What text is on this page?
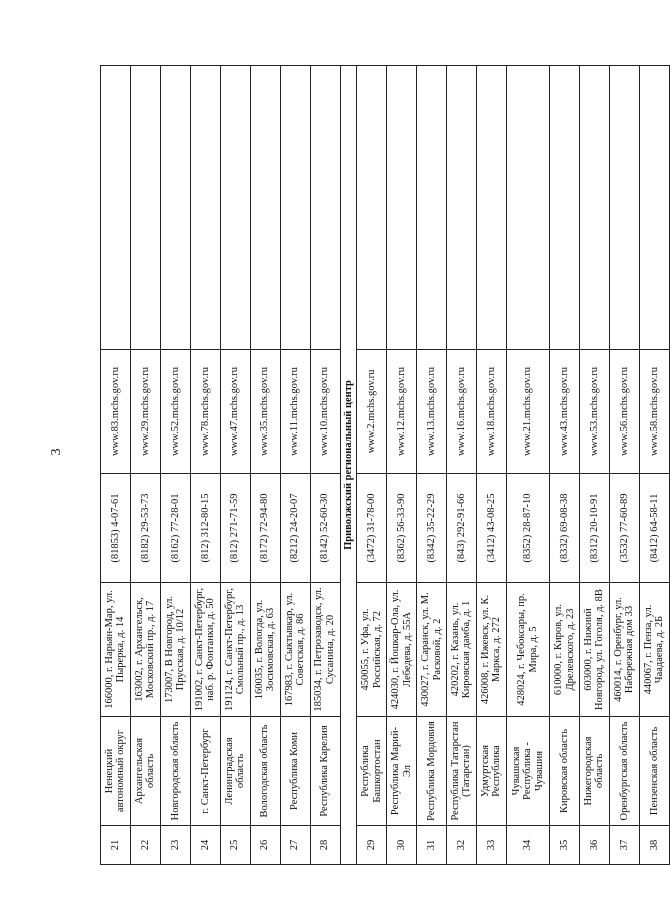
3
21	Ненецкий автономный округ	166000, г. Нарьян-Мар, ул. Пырерка, д. 14	(81853) 4-07-61	www.83.mchs.gov.ru	
22	Архангельская область	163002, г. Архангельск, Московский пр., д. 17	(8182) 29-53-73	www.29.mchs.gov.ru	
23	Новгородская область	173007, В Новгород, ул. Прусская, д. 10/12	(8162) 77-28-01	www.52.mchs.gov.ru	
24	г. Санкт-Петербург	191002, г. Санкт-Петербург, наб. р. Фонтанки, д. 50	(812) 312-80-15	www.78.mchs.gov.ru	
25	Ленинградская область	191124, г. Санкт-Петербург, Смольный пр., д. 13	(812) 271-71-59	www.47.mchs.gov.ru	
26	Вологодская область	160035, г. Вологда, ул. Зосимовская, д. 63	(8172) 72-94-80	www.35.mchs.gov.ru	
27	Республика Коми	167983, г. Сыктывкар, ул. Советская, д. 86	(8212) 24-20-07	www.11.mchs.gov.ru	
28	Республика Карелия	185034, г. Петрозаводск, ул. Сусанина, д. 20	(8142) 52-60-30	www.10.mchs.gov.ru	
Приволжский региональный центр					
29	Республика Башкортостан	450055, г. Уфа, ул. Российская, д. 72	(3472) 31-78-00	www.2.mchs.gov.ru	
30	Республика Марий-Эл	424030, г. Йошкар-Ола, ул. Лебедева, д. 55А	(8362) 56-33-90	www.12.mchs.gov.ru	
31	Республика Мордовия	430027, г. Саранск, ул. М. Расковой, д. 2	(8342) 35-22-29	www.13.mchs.gov.ru	
32	Республика Татарстан (Татарстан)	420202, г. Казань, ул. Кировская дамба, д. 1	(843) 292-91-66	www.16.mchs.gov.ru	
33	Удмуртская Республика	426008, г. Ижевск, ул. К. Маркса, д. 272	(3412) 43-08-25	www.18.mchs.gov.ru	
34	Чувашская Республика - Чувашия	428024, г. Чебоксары, пр. Мира, д. 5	(8352) 28-87-10	www.21.mchs.gov.ru	
35	Кировская область	610000, г. Киров, ул. Дрелевского, д. 23	(8332) 69-08-38	www.43.mchs.gov.ru	
36	Нижегородская область	603000, г. Нижний Новгород, ул. Гоголя, д. 8В	(8312) 20-10-91	www.53.mchs.gov.ru	
37	Оренбургская область	460014, г. Оренбург, ул. Набережная дом 33	(3532) 77-60-89	www.56.mchs.gov.ru	
38	Пензенская область	440067, г. Пенза, ул. Чаадаева, д. 2Б	(8412) 64-58-11	www.58.mchs.gov.ru	
